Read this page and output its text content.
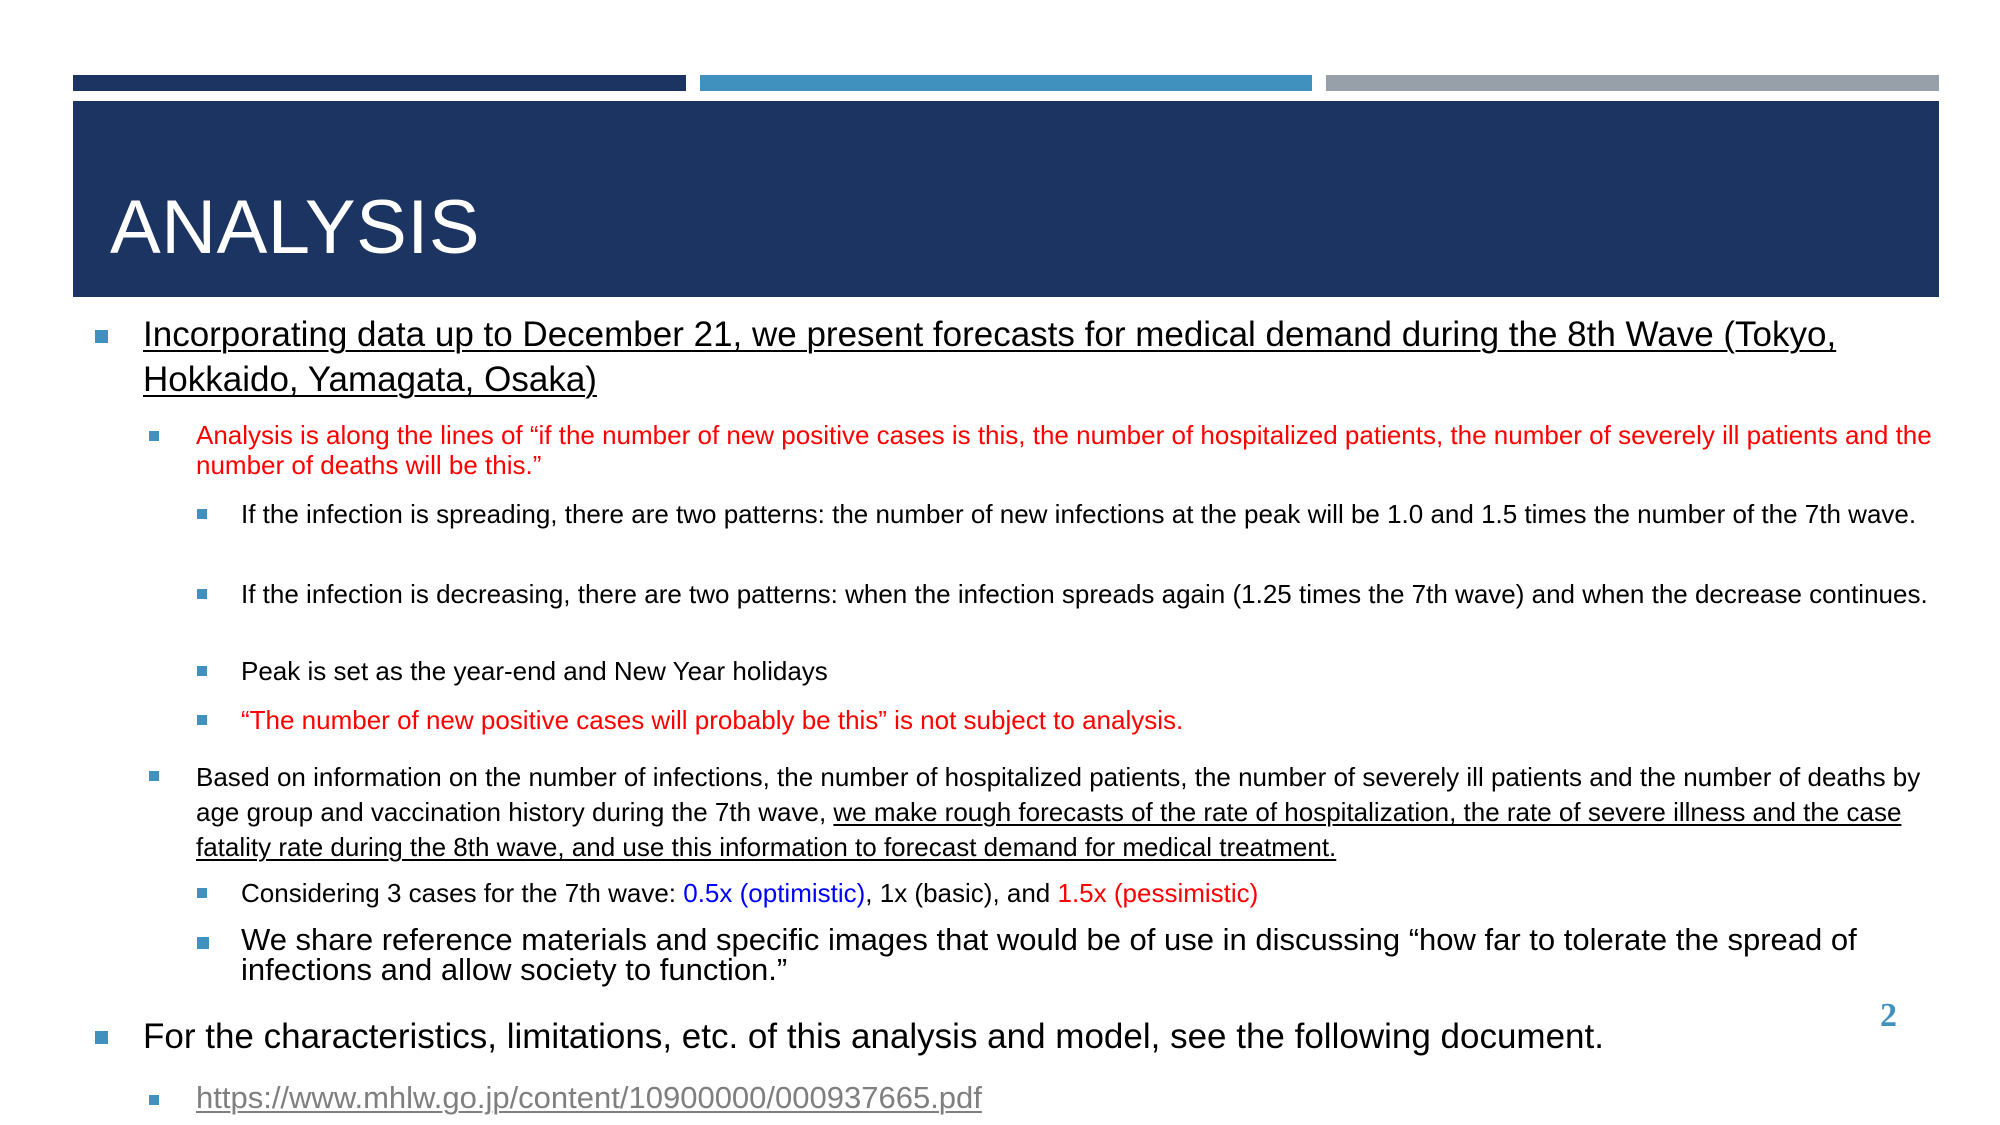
ANALYSIS

Incorporating data up to December 21, we present forecasts for medical demand during the 8th Wave (Tokyo, Hokkaido, Yamagata, Osaka)

Analysis is along the lines of “if the number of new positive cases is this, the number of hospitalized patients, the number of severely ill patients and the number of deaths will be this.”

If the infection is spreading, there are two patterns: the number of new infections at the peak will be 1.0 and 1.5 times the number of the 7th wave.

If the infection is decreasing, there are two patterns: when the infection spreads again (1.25 times the 7th wave) and when the decrease continues.

Peak is set as the year-end and New Year holidays

“The number of new positive cases will probably be this” is not subject to analysis.

Based on information on the number of infections, the number of hospitalized patients, the number of severely ill patients and the number of deaths by age group and vaccination history during the 7th wave, we make rough forecasts of the rate of hospitalization, the rate of severe illness and the case fatality rate during the 8th wave, and use this information to forecast demand for medical treatment.

Considering 3 cases for the 7th wave: 0.5x (optimistic), 1x (basic), and 1.5x (pessimistic)

We share reference materials and specific images that would be of use in discussing “how far to tolerate the spread of infections and allow society to function.”

For the characteristics, limitations, etc. of this analysis and model, see the following document.

https://www.mhlw.go.jp/content/10900000/000937665.pdf
2
